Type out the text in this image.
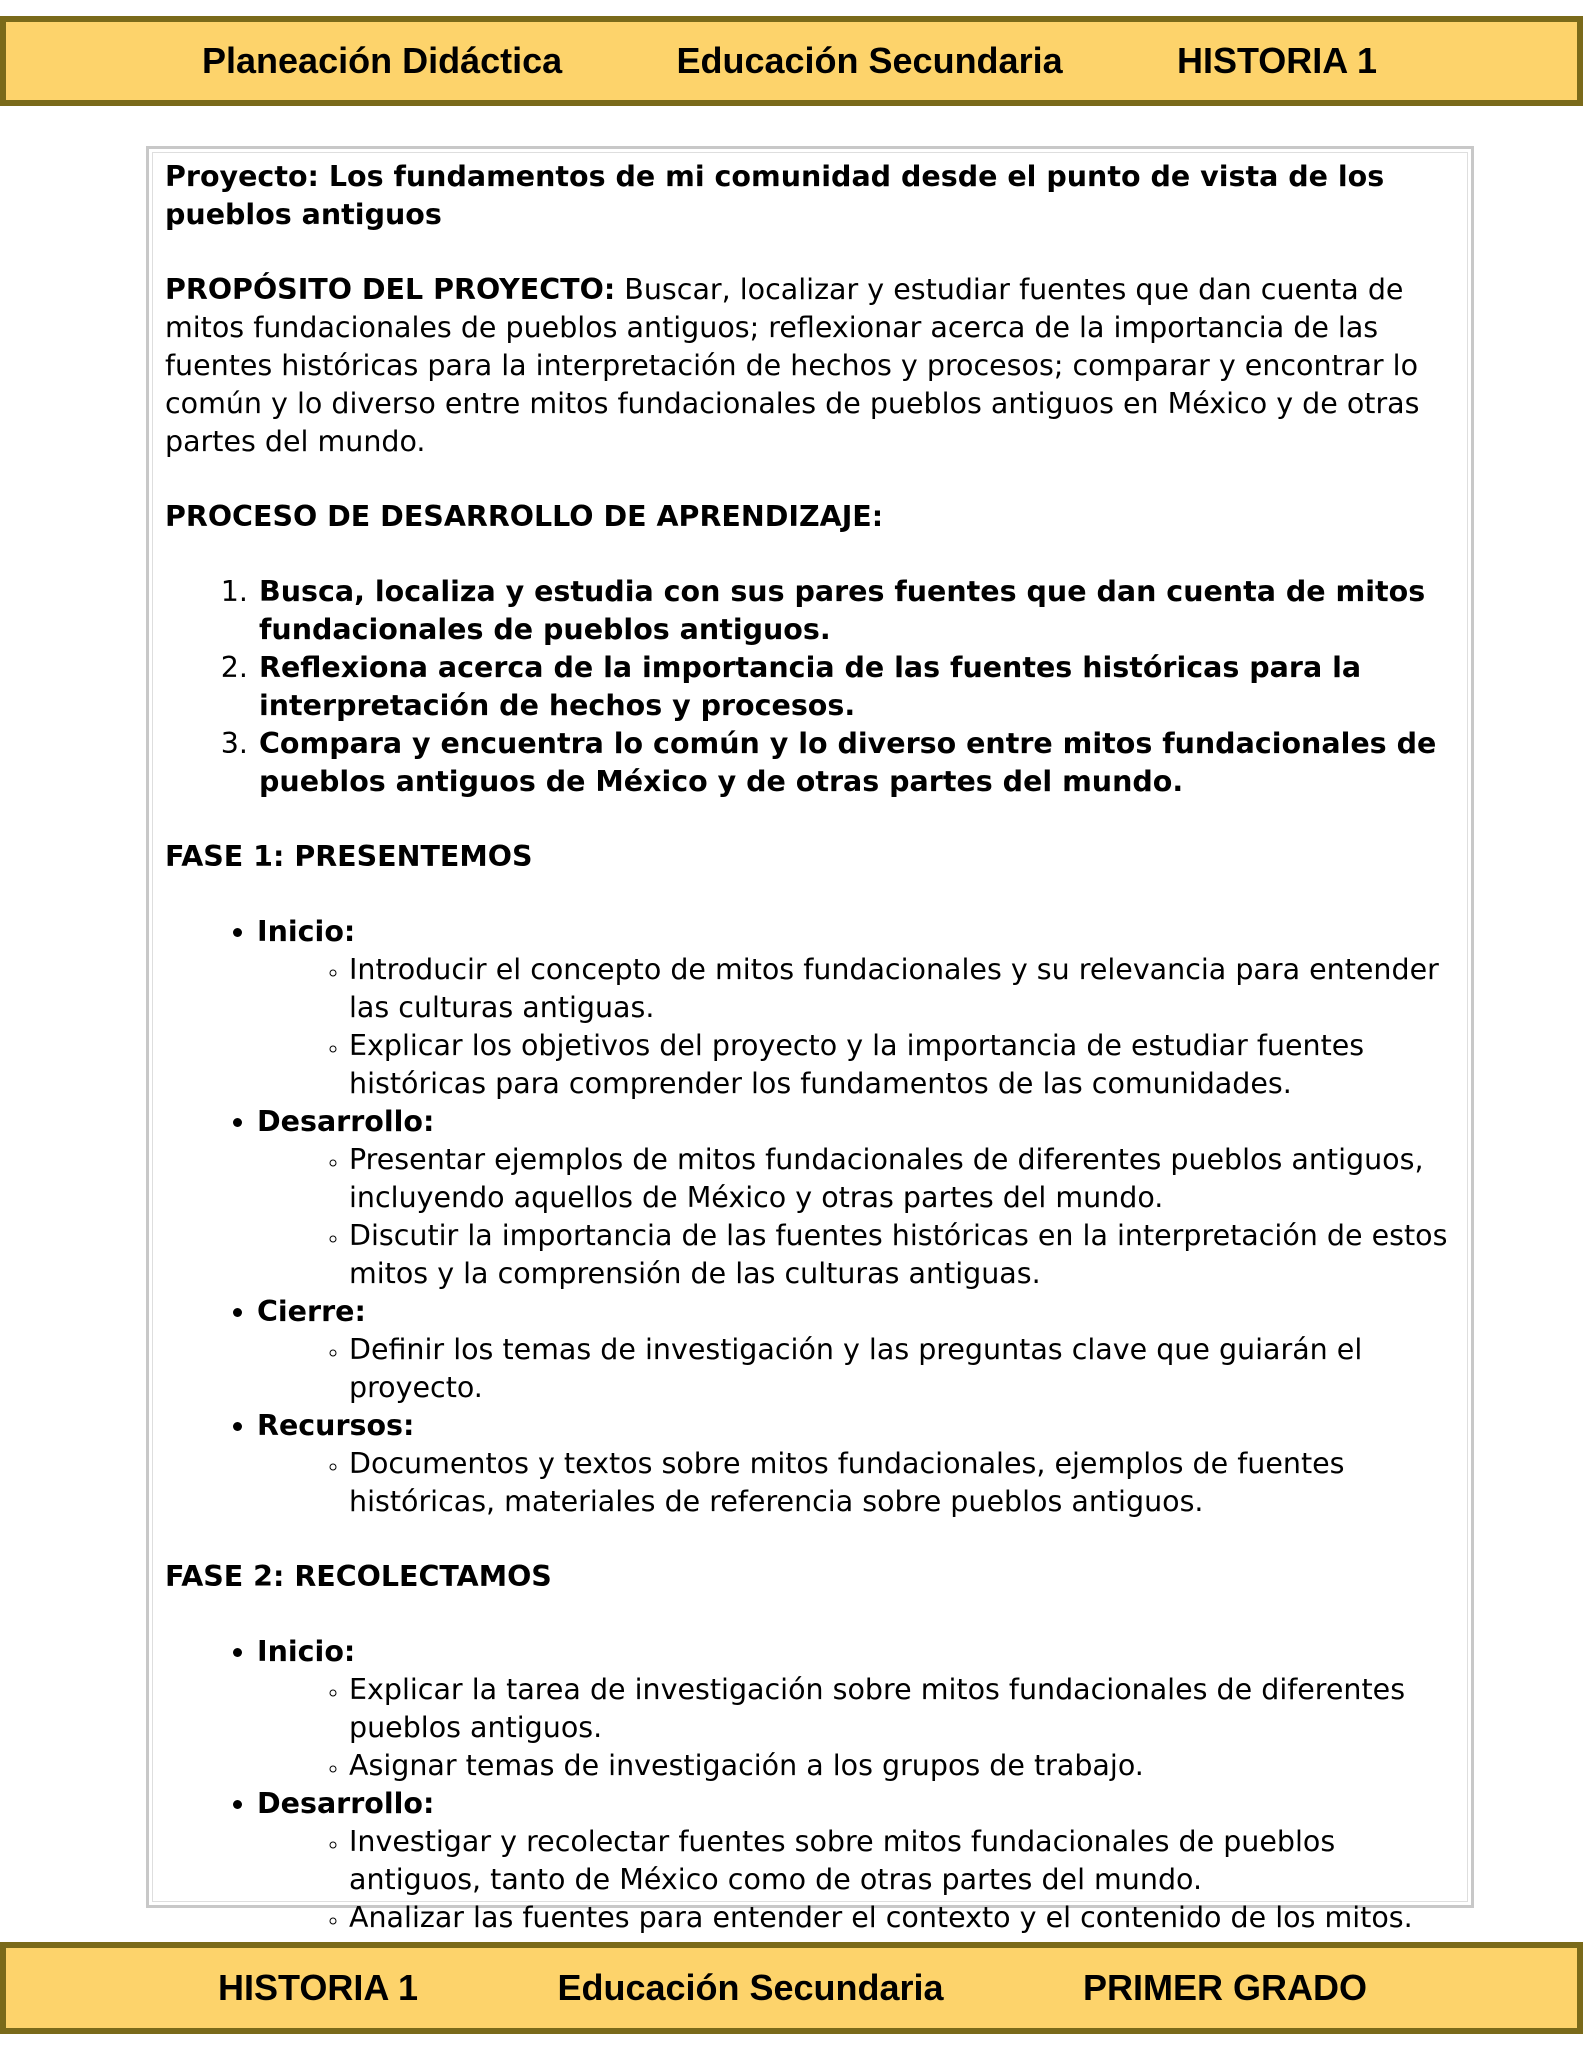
Planeación Didáctica	Educación Secundaria	HISTORIA 1

Proyecto: Los fundamentos de mi comunidad desde el punto de vista de los pueblos antiguos

PROPÓSITO DEL PROYECTO: Buscar, localizar y estudiar fuentes que dan cuenta de mitos fundacionales de pueblos antiguos; reflexionar acerca de la importancia de las fuentes históricas para la interpretación de hechos y procesos; comparar y encontrar lo común y lo diverso entre mitos fundacionales de pueblos antiguos en México y de otras partes del mundo.

PROCESO DE DESARROLLO DE APRENDIZAJE:

1. Busca, localiza y estudia con sus pares fuentes que dan cuenta de mitos fundacionales de pueblos antiguos.
2. Reflexiona acerca de la importancia de las fuentes históricas para la interpretación de hechos y procesos.
3. Compara y encuentra lo común y lo diverso entre mitos fundacionales de pueblos antiguos de México y de otras partes del mundo.

FASE 1: PRESENTEMOS

• Inicio:
◦ Introducir el concepto de mitos fundacionales y su relevancia para entender las culturas antiguas.
◦ Explicar los objetivos del proyecto y la importancia de estudiar fuentes históricas para comprender los fundamentos de las comunidades.
• Desarrollo:
◦ Presentar ejemplos de mitos fundacionales de diferentes pueblos antiguos, incluyendo aquellos de México y otras partes del mundo.
◦ Discutir la importancia de las fuentes históricas en la interpretación de estos mitos y la comprensión de las culturas antiguas.
• Cierre:
◦ Definir los temas de investigación y las preguntas clave que guiarán el proyecto.
• Recursos:
◦ Documentos y textos sobre mitos fundacionales, ejemplos de fuentes históricas, materiales de referencia sobre pueblos antiguos.

FASE 2: RECOLECTAMOS

• Inicio:
◦ Explicar la tarea de investigación sobre mitos fundacionales de diferentes pueblos antiguos.
◦ Asignar temas de investigación a los grupos de trabajo.
• Desarrollo:
◦ Investigar y recolectar fuentes sobre mitos fundacionales de pueblos antiguos, tanto de México como de otras partes del mundo.
◦ Analizar las fuentes para entender el contexto y el contenido de los mitos.
•
HISTORIA 1	Educación Secundaria	PRIMER GRADO
